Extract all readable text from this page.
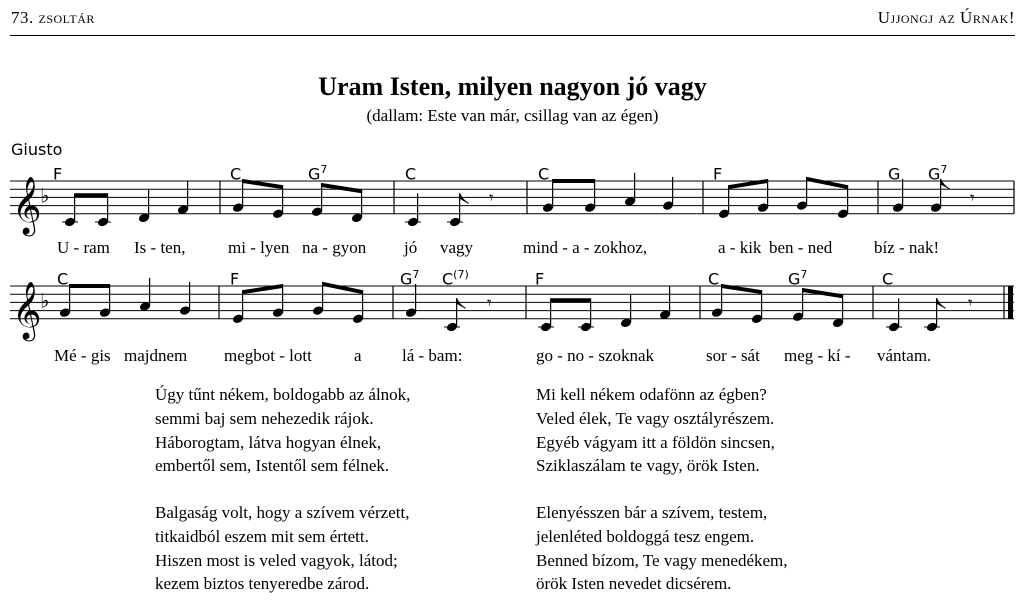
73. zsoltár	Ujjongj az Úrnak!
Uram Isten, milyen nagyon jó vagy
(dallam: Este van már, csillag van az égen)
Giusto
F	C	$G^7$	C	C	F	G $G^7$
C	F	$G^7$ $C^{(7)}$	F	C	$G^7$	C
𝄞
♭	𝄾	𝄾
𝄞
♭	𝄾	𝄾
U - ram Is - ten,	mi - lyen na - gyon jó vagy	mind - a - zokhoz,	a - kik ben - ned bíz - nak!
Mé - gis majdnem megbot - lott a lá - bam:	go - no - szoknak	sor - sát meg - kí - vántam.
Úgy tűnt nékem, boldogabb az álnok,
semmi baj sem nehezedik rájok.
Háborogtam, látva hogyan élnek,
embertől sem, Istentől sem félnek.
Mi kell nékem odafönn az égben?
Veled élek, Te vagy osztályrészem.
Egyéb vágyam itt a földön sincsen,
Sziklaszálam te vagy, örök Isten.
Balgaság volt, hogy a szívem vérzett,
titkaidból eszem mit sem értett.
Hiszen most is veled vagyok, látod;
kezem biztos tenyeredbe zárod.
Elenyésszen bár a szívem, testem,
jelenléted boldoggá tesz engem.
Benned bízom, Te vagy menedékem,
örök Isten nevedet dicsérem.
